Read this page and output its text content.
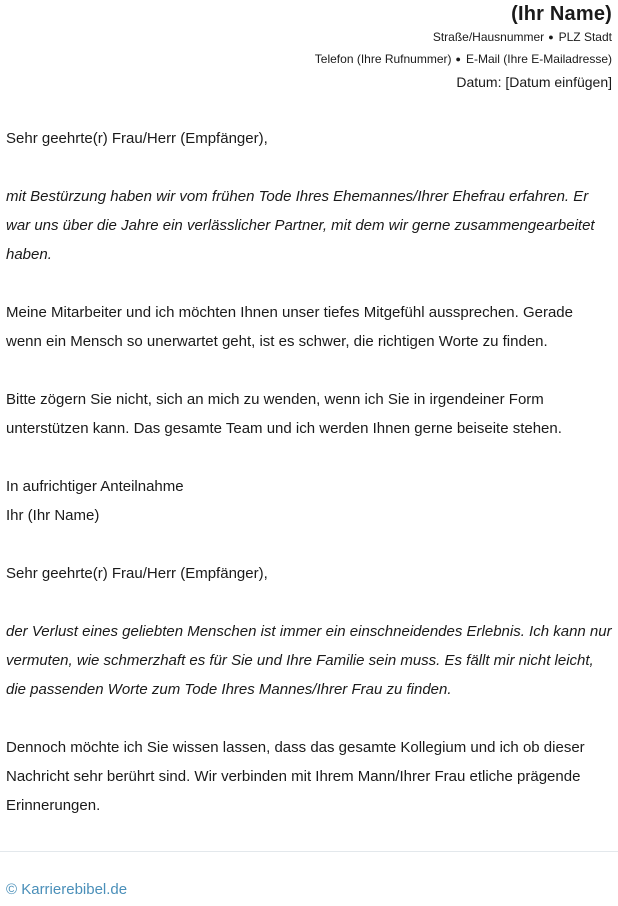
(Ihr Name)
Straße/Hausnummer ● PLZ Stadt
Telefon (Ihre Rufnummer) ● E-Mail (Ihre E-Mailadresse)
Datum: [Datum einfügen]

Sehr geehrte(r) Frau/Herr (Empfänger),

mit Bestürzung haben wir vom frühen Tode Ihres Ehemannes/Ihrer Ehefrau erfahren. Er war uns über die Jahre ein verlässlicher Partner, mit dem wir gerne zusammengearbeitet haben.

Meine Mitarbeiter und ich möchten Ihnen unser tiefes Mitgefühl aussprechen. Gerade wenn ein Mensch so unerwartet geht, ist es schwer, die richtigen Worte zu finden.

Bitte zögern Sie nicht, sich an mich zu wenden, wenn ich Sie in irgendeiner Form unterstützen kann. Das gesamte Team und ich werden Ihnen gerne beiseite stehen.

In aufrichtiger Anteilnahme

Ihr (Ihr Name)

Sehr geehrte(r) Frau/Herr (Empfänger),

der Verlust eines geliebten Menschen ist immer ein einschneidendes Erlebnis. Ich kann nur vermuten, wie schmerzhaft es für Sie und Ihre Familie sein muss. Es fällt mir nicht leicht, die passenden Worte zum Tode Ihres Mannes/Ihrer Frau zu finden.

Dennoch möchte ich Sie wissen lassen, dass das gesamte Kollegium und ich ob dieser Nachricht sehr berührt sind. Wir verbinden mit Ihrem Mann/Ihrer Frau etliche prägende Erinnerungen.

© Karrierebibel.de
